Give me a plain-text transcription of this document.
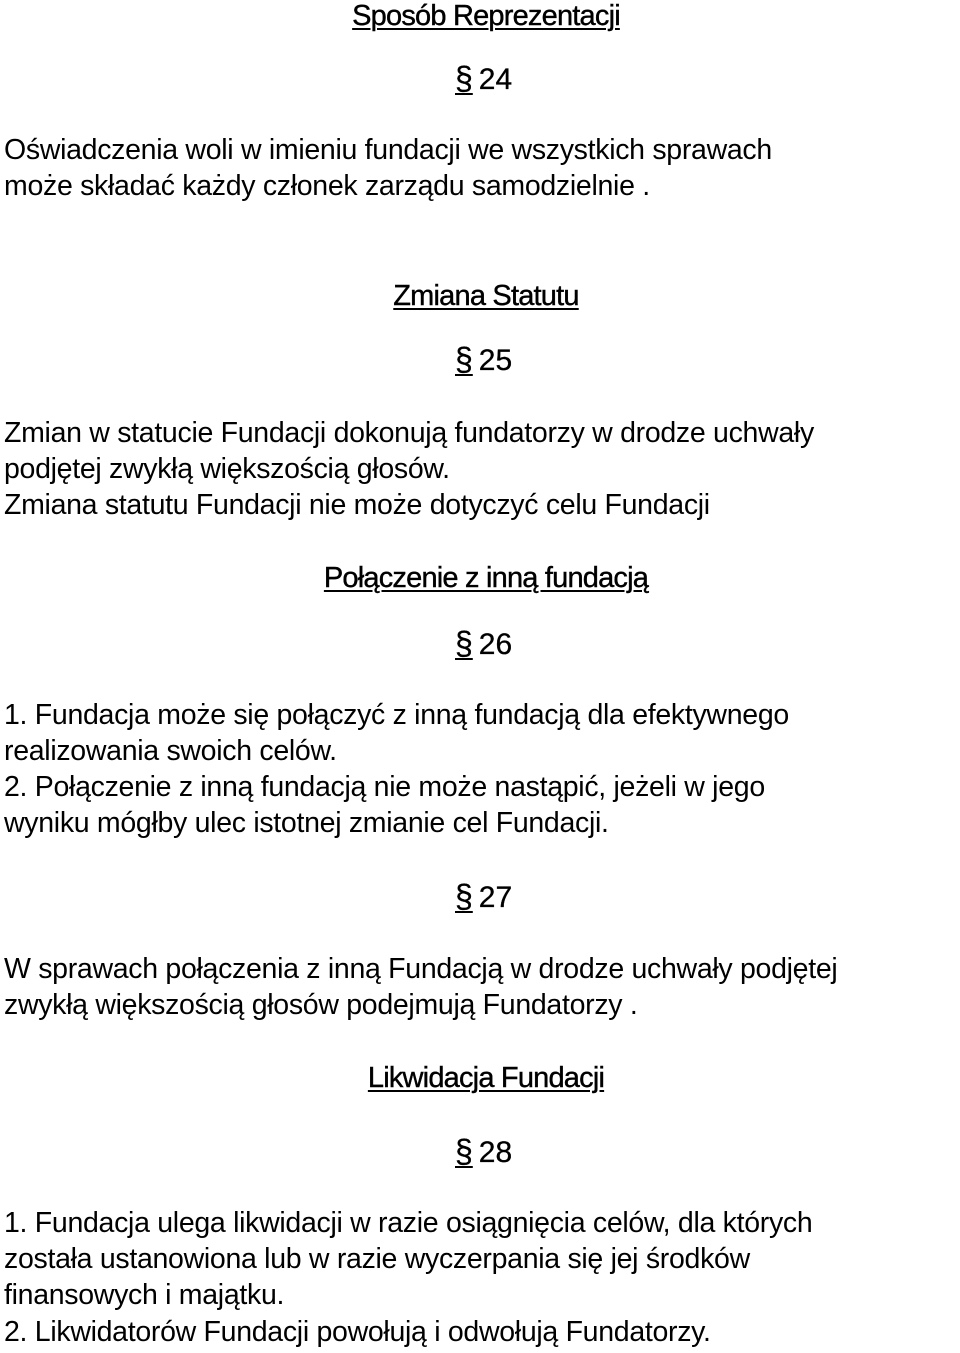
Sposób Reprezentacji
§ 24
Oświadczenia woli w imieniu fundacji we wszystkich sprawach
może składać każdy członek zarządu samodzielnie .
Zmiana Statutu
§ 25
Zmian w statucie Fundacji dokonują fundatorzy w drodze uchwały
podjętej zwykłą większością głosów.
Zmiana statutu Fundacji nie może dotyczyć celu Fundacji
Połączenie z inną fundacją
§ 26
1. Fundacja może się połączyć z inną fundacją dla efektywnego
realizowania swoich celów.
2. Połączenie z inną fundacją nie może nastąpić, jeżeli w jego
wyniku mógłby ulec istotnej zmianie cel Fundacji.
§ 27
W sprawach połączenia z inną Fundacją w drodze uchwały podjętej
zwykłą większością głosów podejmują Fundatorzy .
Likwidacja Fundacji
§ 28
1. Fundacja ulega likwidacji w razie osiągnięcia celów, dla których
została ustanowiona lub w razie wyczerpania się jej środków
finansowych i majątku.
2. Likwidatorów Fundacji powołują i odwołują Fundatorzy.
